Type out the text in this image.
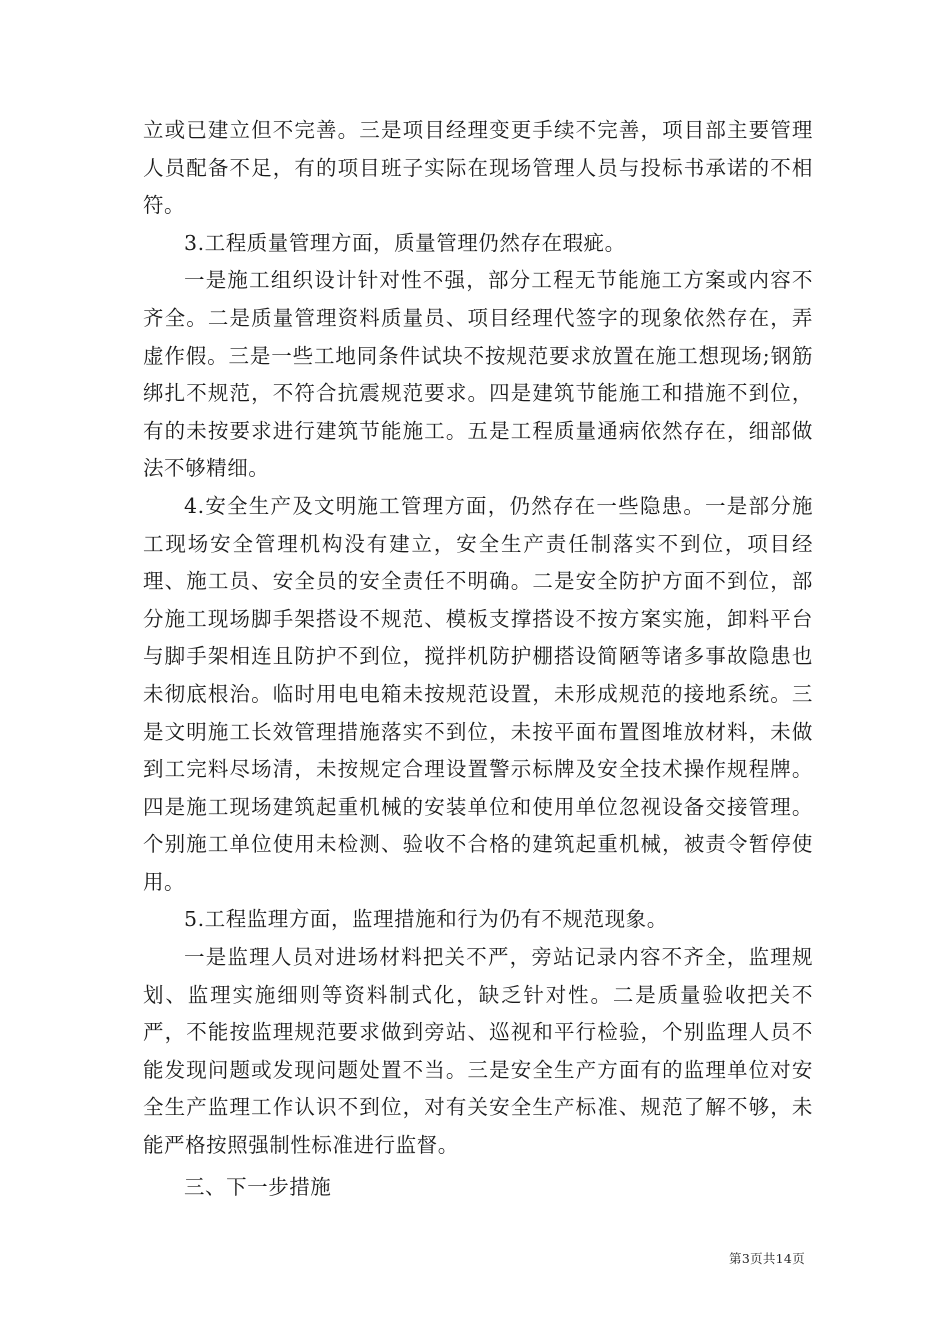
立或已建立但不完善。三是项目经理变更手续不完善，项目部主要管理人员配备不足，有的项目班子实际在现场管理人员与投标书承诺的不相符。

3.工程质量管理方面，质量管理仍然存在瑕疵。

一是施工组织设计针对性不强，部分工程无节能施工方案或内容不齐全。二是质量管理资料质量员、项目经理代签字的现象依然存在，弄虚作假。三是一些工地同条件试块不按规范要求放置在施工想现场;钢筋绑扎不规范，不符合抗震规范要求。四是建筑节能施工和措施不到位，有的未按要求进行建筑节能施工。五是工程质量通病依然存在，细部做法不够精细。

4.安全生产及文明施工管理方面，仍然存在一些隐患。一是部分施工现场安全管理机构没有建立，安全生产责任制落实不到位，项目经理、施工员、安全员的安全责任不明确。二是安全防护方面不到位，部分施工现场脚手架搭设不规范、模板支撑搭设不按方案实施，卸料平台与脚手架相连且防护不到位，搅拌机防护棚搭设简陋等诸多事故隐患也未彻底根治。临时用电电箱未按规范设置，未形成规范的接地系统。三是文明施工长效管理措施落实不到位，未按平面布置图堆放材料，未做到工完料尽场清，未按规定合理设置警示标牌及安全技术操作规程牌。四是施工现场建筑起重机械的安装单位和使用单位忽视设备交接管理。个别施工单位使用未检测、验收不合格的建筑起重机械，被责令暂停使用。

5.工程监理方面，监理措施和行为仍有不规范现象。

一是监理人员对进场材料把关不严，旁站记录内容不齐全，监理规划、监理实施细则等资料制式化，缺乏针对性。二是质量验收把关不严，不能按监理规范要求做到旁站、巡视和平行检验，个别监理人员不能发现问题或发现问题处置不当。三是安全生产方面有的监理单位对安全生产监理工作认识不到位，对有关安全生产标准、规范了解不够，未能严格按照强制性标准进行监督。

三、下一步措施

第3页共14页
